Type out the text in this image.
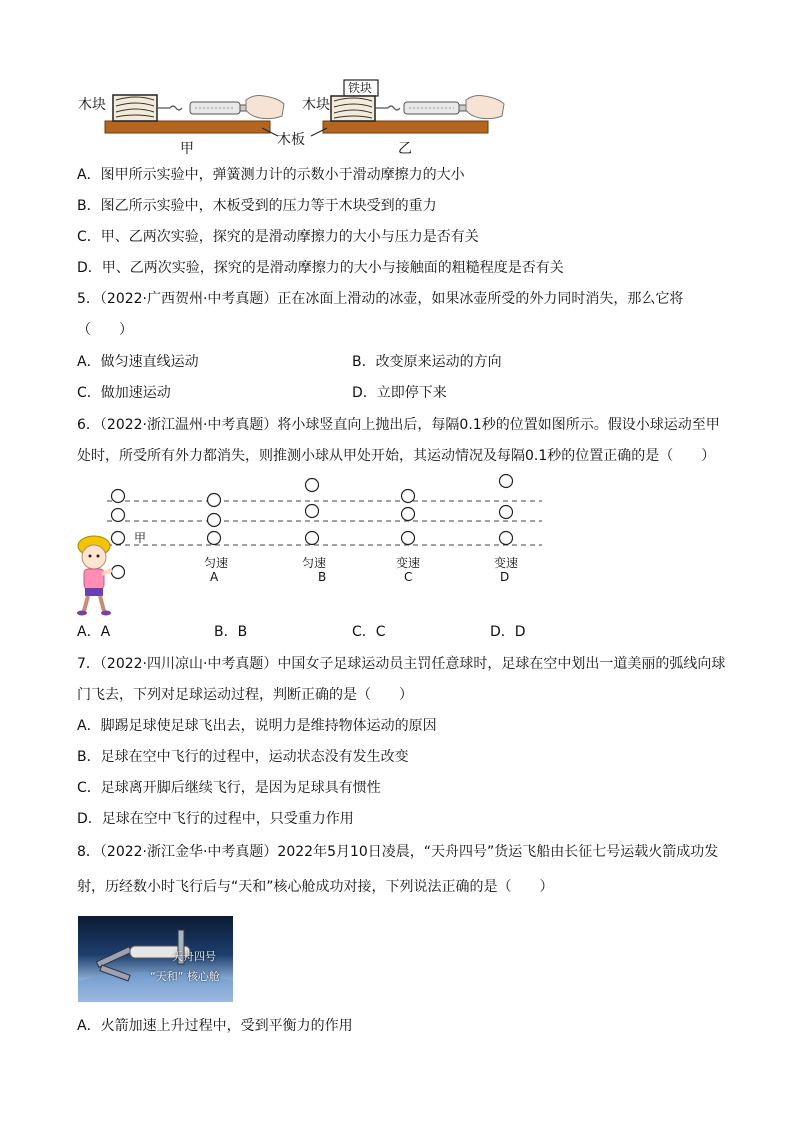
木块	木块
铁块
木板
甲	乙
A．图甲所示实验中，弹簧测力计的示数小于滑动摩擦力的大小
B．图乙所示实验中，木板受到的压力等于木块受到的重力
C．甲、乙两次实验，探究的是滑动摩擦力的大小与压力是否有关
D．甲、乙两次实验，探究的是滑动摩擦力的大小与接触面的粗糙程度是否有关
5．（2022·广西贺州·中考真题）正在冰面上滑动的冰壶，如果冰壶所受的外力同时消失，那么它将
（　　）
A．做匀速直线运动	B．改变原来运动的方向
C．做加速运动	D．立即停下来
6．（2022·浙江温州·中考真题）将小球竖直向上抛出后，每隔0.1秒的位置如图所示。假设小球运动至甲
处时，所受所有外力都消失，则推测小球从甲处开始，其运动情况及每隔0.1秒的位置正确的是（　　）
甲
匀速
A
匀速
B
变速
C
变速
D
A．A	B．B	C．C	D．D
7．（2022·四川凉山·中考真题）中国女子足球运动员主罚任意球时，足球在空中划出一道美丽的弧线向球
门飞去，下列对足球运动过程，判断正确的是（　　）
A．脚踢足球使足球飞出去，说明力是维持物体运动的原因
B．足球在空中飞行的过程中，运动状态没有发生改变
C．足球离开脚后继续飞行，是因为足球具有惯性
D．足球在空中飞行的过程中，只受重力作用
8．（2022·浙江金华·中考真题）2022年5月10日凌晨，“天舟四号”货运飞船由长征七号运载火箭成功发
射，历经数小时飞行后与“天和”核心舱成功对接，下列说法正确的是（　　）
天舟四号
“天和” 核心舱
A．火箭加速上升过程中，受到平衡力的作用
